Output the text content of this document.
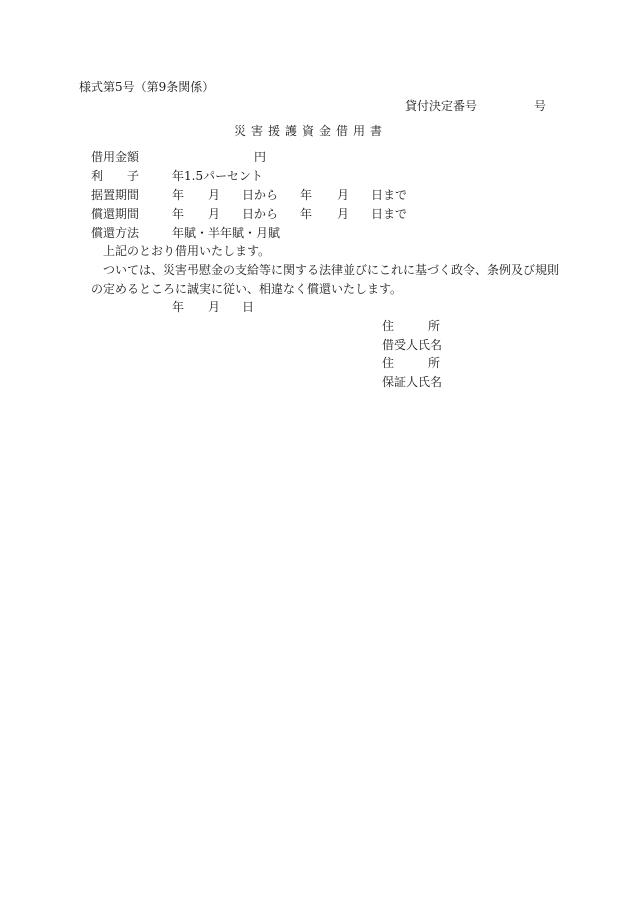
様式第5号（第9条関係）
貸付決定番号	号
災害援護資金借用書
借用金額	円
利 子	年1.5パーセント
据置期間	年 月 日から 年 月 日まで
償還期間	年 月 日から 年 月 日まで
償還方法	年賦・半年賦・月賦
上記のとおり借用いたします。
ついては、災害弔慰金の支給等に関する法律並びにこれに基づく政令、条例及び規則
の定めるところに誠実に従い、相違なく償還いたします。
年 月 日
住	所
借受人氏名
住	所
保証人氏名
